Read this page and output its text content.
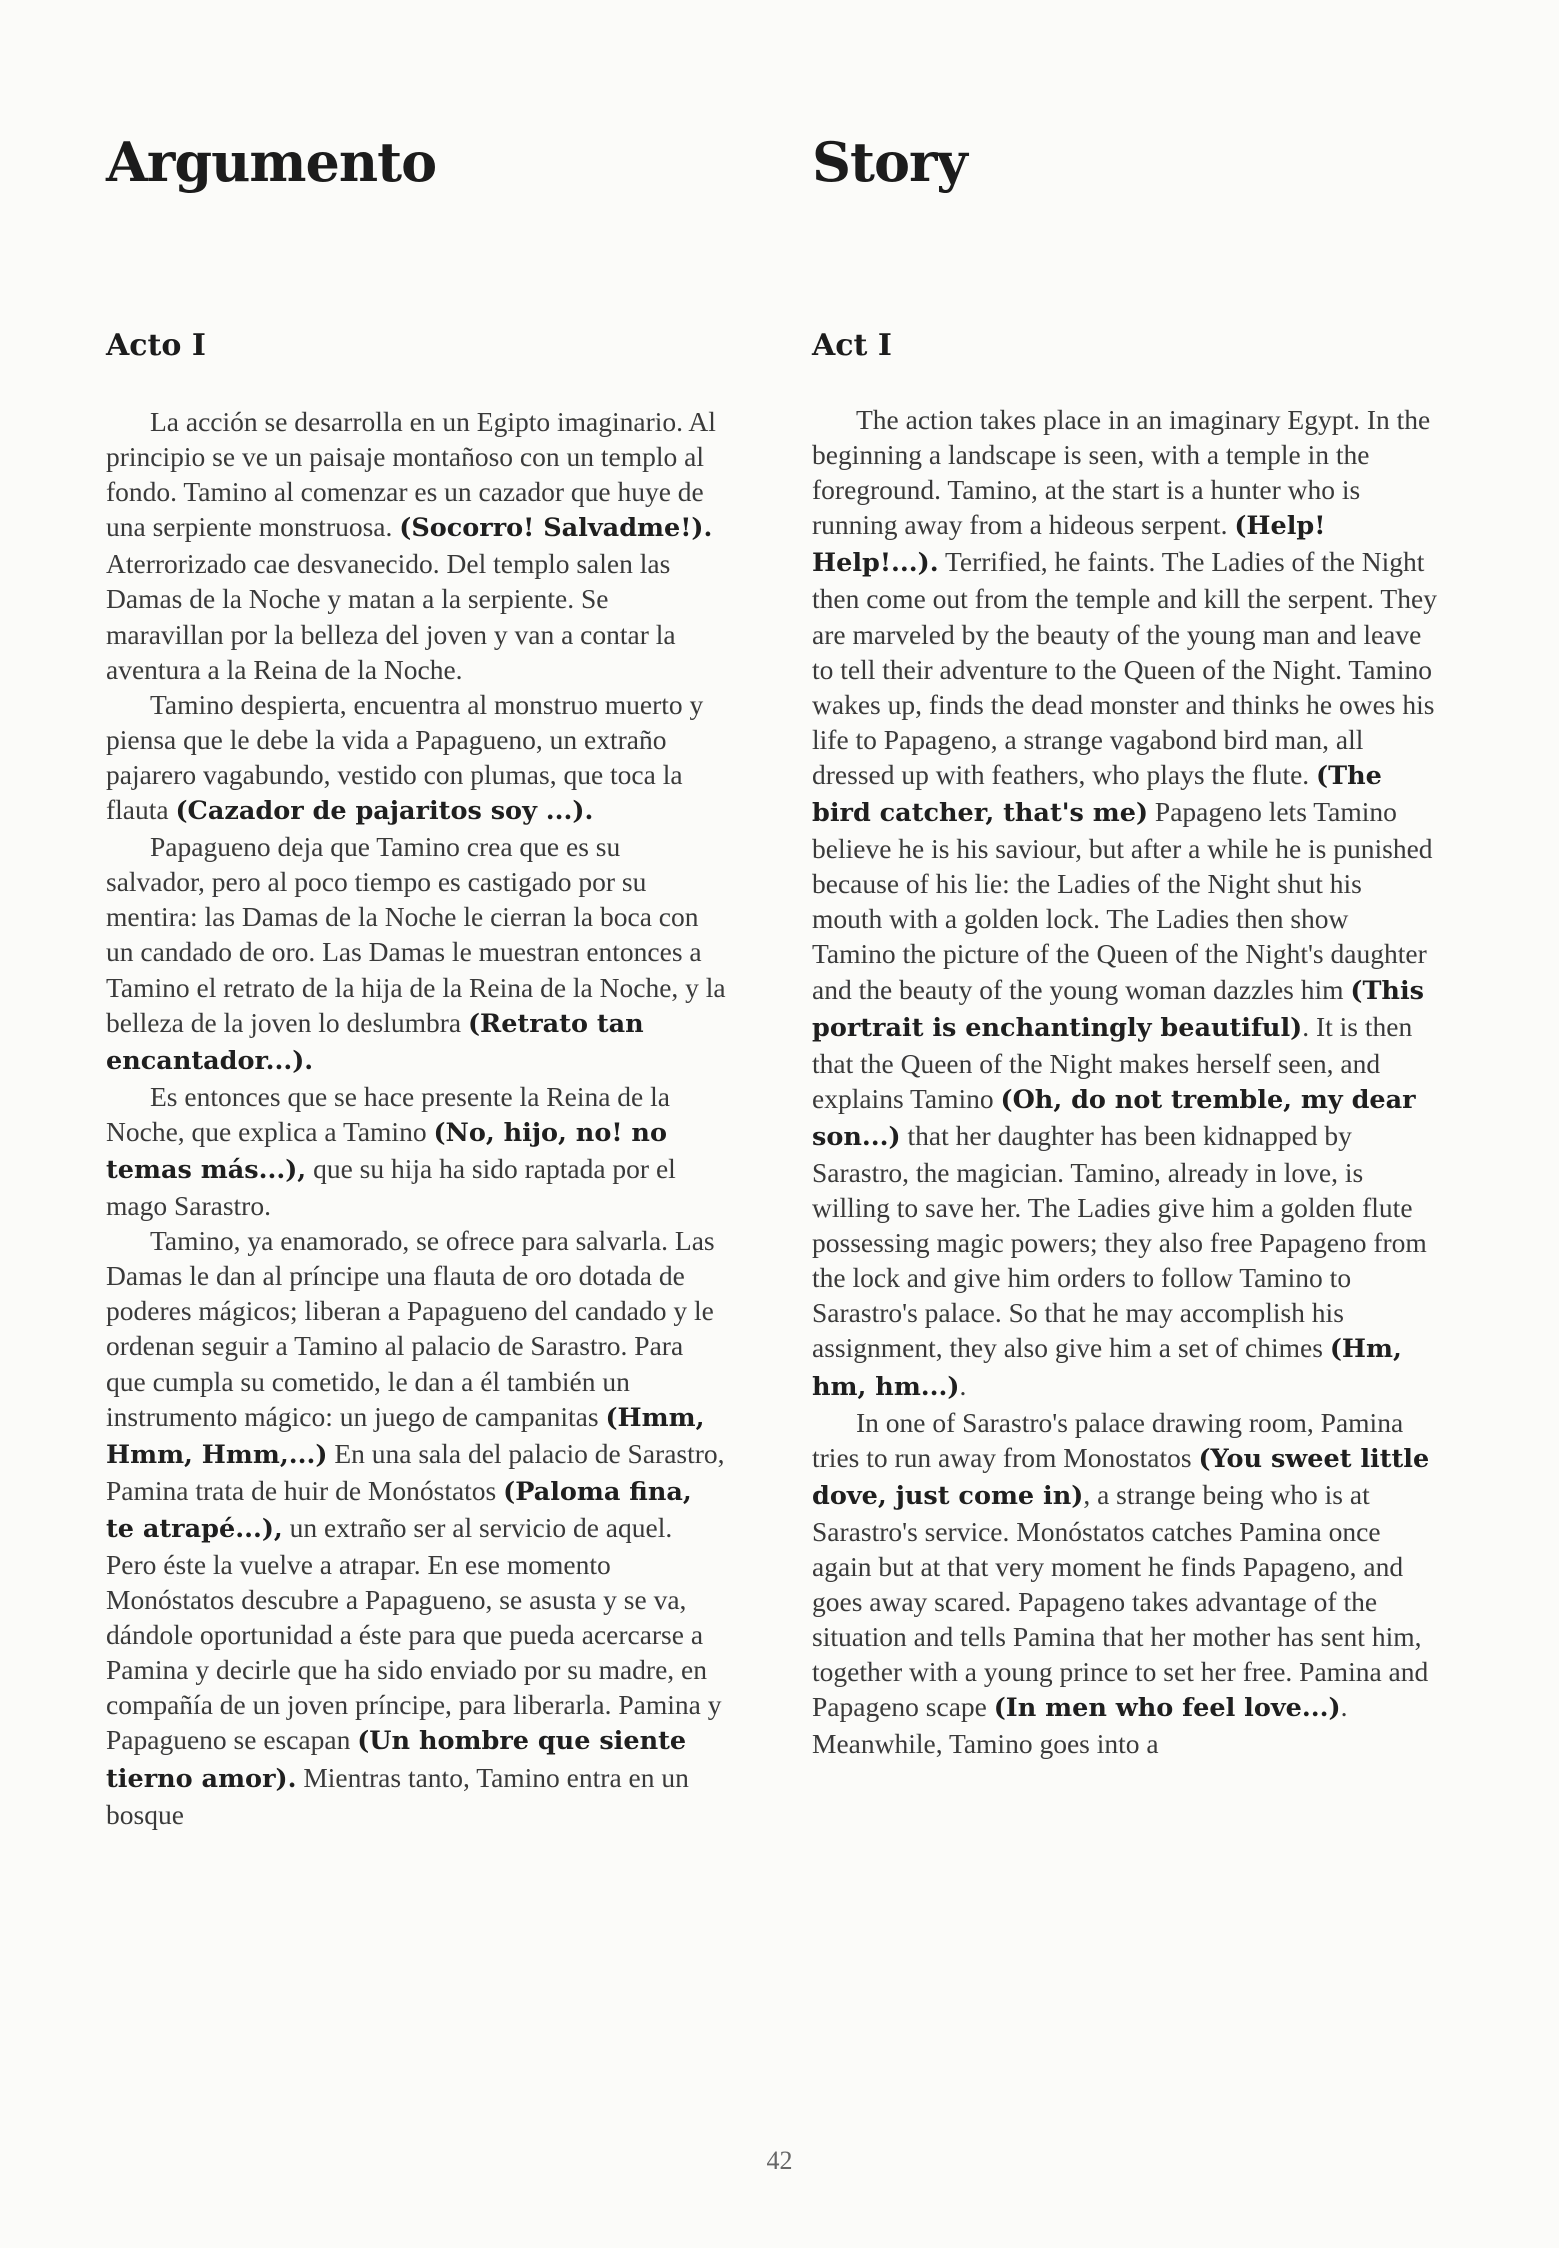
Argumento
Acto I

La acción se desarrolla en un Egipto imaginario. Al principio se ve un paisaje montañoso con un templo al fondo. Tamino al comenzar es un cazador que huye de una serpiente monstruosa. (Socorro! Salvadme!). Aterrorizado cae desvanecido. Del templo salen las Damas de la Noche y matan a la serpiente. Se maravillan por la belleza del joven y van a contar la aventura a la Reina de la Noche.

Tamino despierta, encuentra al monstruo muerto y piensa que le debe la vida a Papagueno, un extraño pajarero vagabundo, vestido con plumas, que toca la flauta (Cazador de pajaritos soy ...).

Papagueno deja que Tamino crea que es su salvador, pero al poco tiempo es castigado por su mentira: las Damas de la Noche le cierran la boca con un candado de oro. Las Damas le muestran entonces a Tamino el retrato de la hija de la Reina de la Noche, y la belleza de la joven lo deslumbra (Retrato tan encantador...).

Es entonces que se hace presente la Reina de la Noche, que explica a Tamino (No, hijo, no! no temas más...), que su hija ha sido raptada por el mago Sarastro.

Tamino, ya enamorado, se ofrece para salvarla. Las Damas le dan al príncipe una flauta de oro dotada de poderes mágicos; liberan a Papagueno del candado y le ordenan seguir a Tamino al palacio de Sarastro. Para que cumpla su cometido, le dan a él también un instrumento mágico: un juego de campanitas (Hmm, Hmm, Hmm,...) En una sala del palacio de Sarastro, Pamina trata de huir de Monóstatos (Paloma fina, te atrapé...), un extraño ser al servicio de aquel. Pero éste la vuelve a atrapar. En ese momento Monóstatos descubre a Papagueno, se asusta y se va, dándole oportunidad a éste para que pueda acercarse a Pamina y decirle que ha sido enviado por su madre, en compañía de un joven príncipe, para liberarla. Pamina y Papagueno se escapan (Un hombre que siente tierno amor). Mientras tanto, Tamino entra en un bosque

Story
Act I

The action takes place in an imaginary Egypt. In the beginning a landscape is seen, with a temple in the foreground. Tamino, at the start is a hunter who is running away from a hideous serpent. (Help! Help!...). Terrified, he faints. The Ladies of the Night then come out from the temple and kill the serpent. They are marveled by the beauty of the young man and leave to tell their adventure to the Queen of the Night. Tamino wakes up, finds the dead monster and thinks he owes his life to Papageno, a strange vagabond bird man, all dressed up with feathers, who plays the flute. (The bird catcher, that's me) Papageno lets Tamino believe he is his saviour, but after a while he is punished because of his lie: the Ladies of the Night shut his mouth with a golden lock. The Ladies then show Tamino the picture of the Queen of the Night's daughter and the beauty of the young woman dazzles him (This portrait is enchantingly beautiful). It is then that the Queen of the Night makes herself seen, and explains Tamino (Oh, do not tremble, my dear son...) that her daughter has been kidnapped by Sarastro, the magician. Tamino, already in love, is willing to save her. The Ladies give him a golden flute possessing magic powers; they also free Papageno from the lock and give him orders to follow Tamino to Sarastro's palace. So that he may accomplish his assignment, they also give him a set of chimes (Hm, hm, hm...).

In one of Sarastro's palace drawing room, Pamina tries to run away from Monostatos (You sweet little dove, just come in), a strange being who is at Sarastro's service. Monóstatos catches Pamina once again but at that very moment he finds Papageno, and goes away scared. Papageno takes advantage of the situation and tells Pamina that her mother has sent him, together with a young prince to set her free. Pamina and Papageno scape (In men who feel love...). Meanwhile, Tamino goes into a

42
